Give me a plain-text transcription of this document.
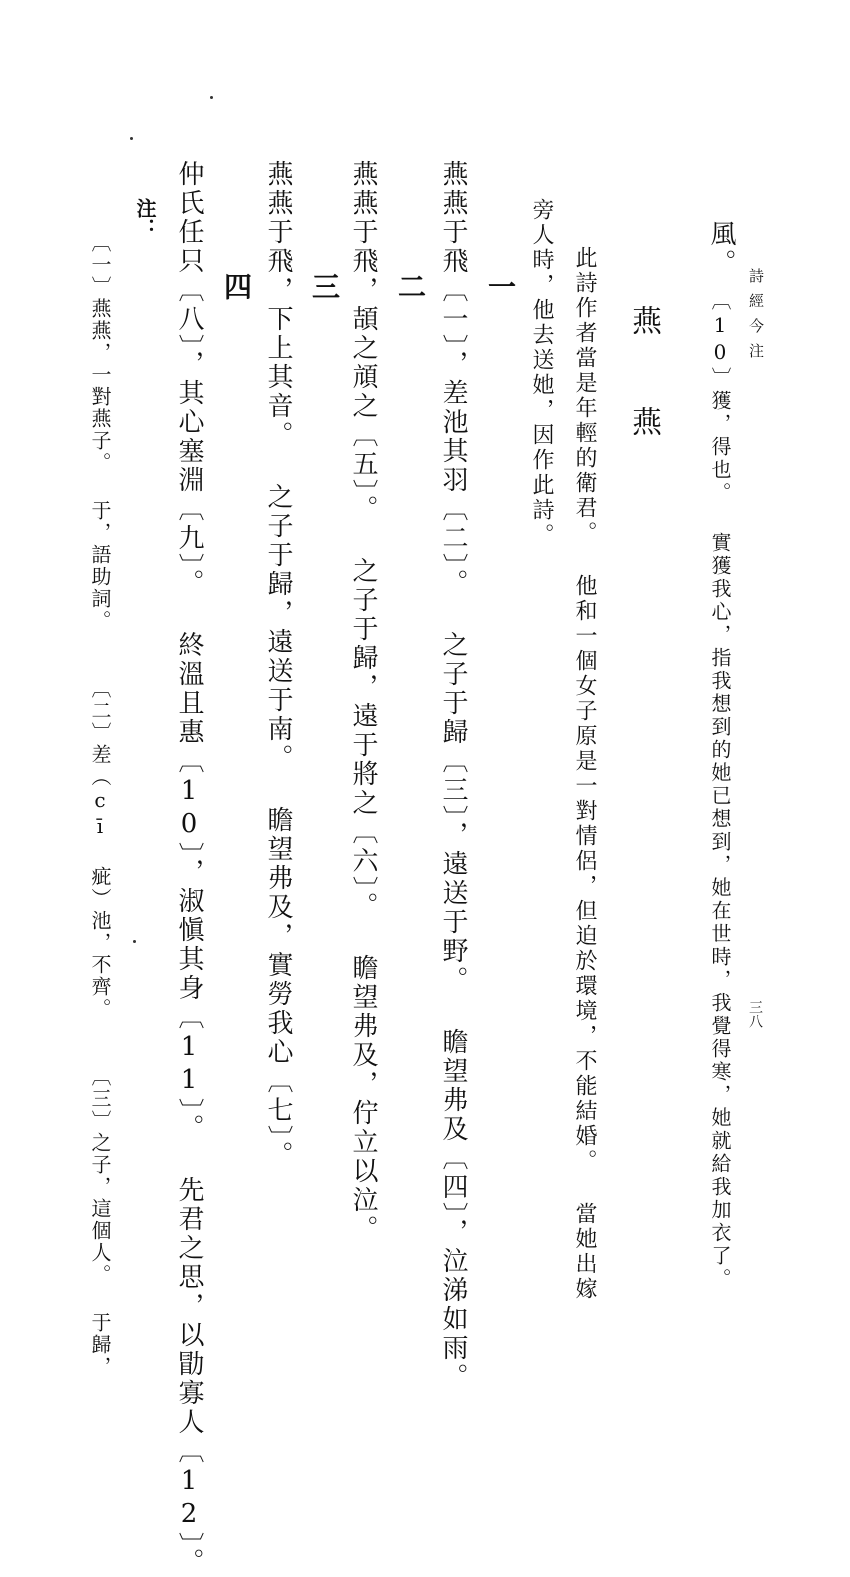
詩經今注
三八
風。
〔10〕獲，得也。 實獲我心，指我想到的她已想到，她在世時，我覺得寒，她就給我加衣了。
燕 燕
此詩作者當是年輕的衛君。 他和一個女子原是一對情侶，但迫於環境，不能結婚。 當她出嫁
旁人時，他去送她，因作此詩。
一
燕燕于飛〔一〕，差池其羽〔二〕。 之子于歸〔三〕，遠送于野。 瞻望弗及〔四〕，泣涕如雨。
二
燕燕于飛，頡之頏之〔五〕。 之子于歸，遠于將之〔六〕。 瞻望弗及，佇立以泣。
三
燕燕于飛，下上其音。 之子于歸，遠送于南。 瞻望弗及，實勞我心〔七〕。
四
仲氏任只〔八〕，其心塞淵〔九〕。 終溫且惠〔10〕，淑愼其身〔11〕。 先君之思，以勖寡人〔12〕。
注：
〔一〕燕燕，一對燕子。 于，語助詞。　　　〔二〕差（cī 疵）池，不齊。　　　〔三〕之子，這個人。 于歸，
